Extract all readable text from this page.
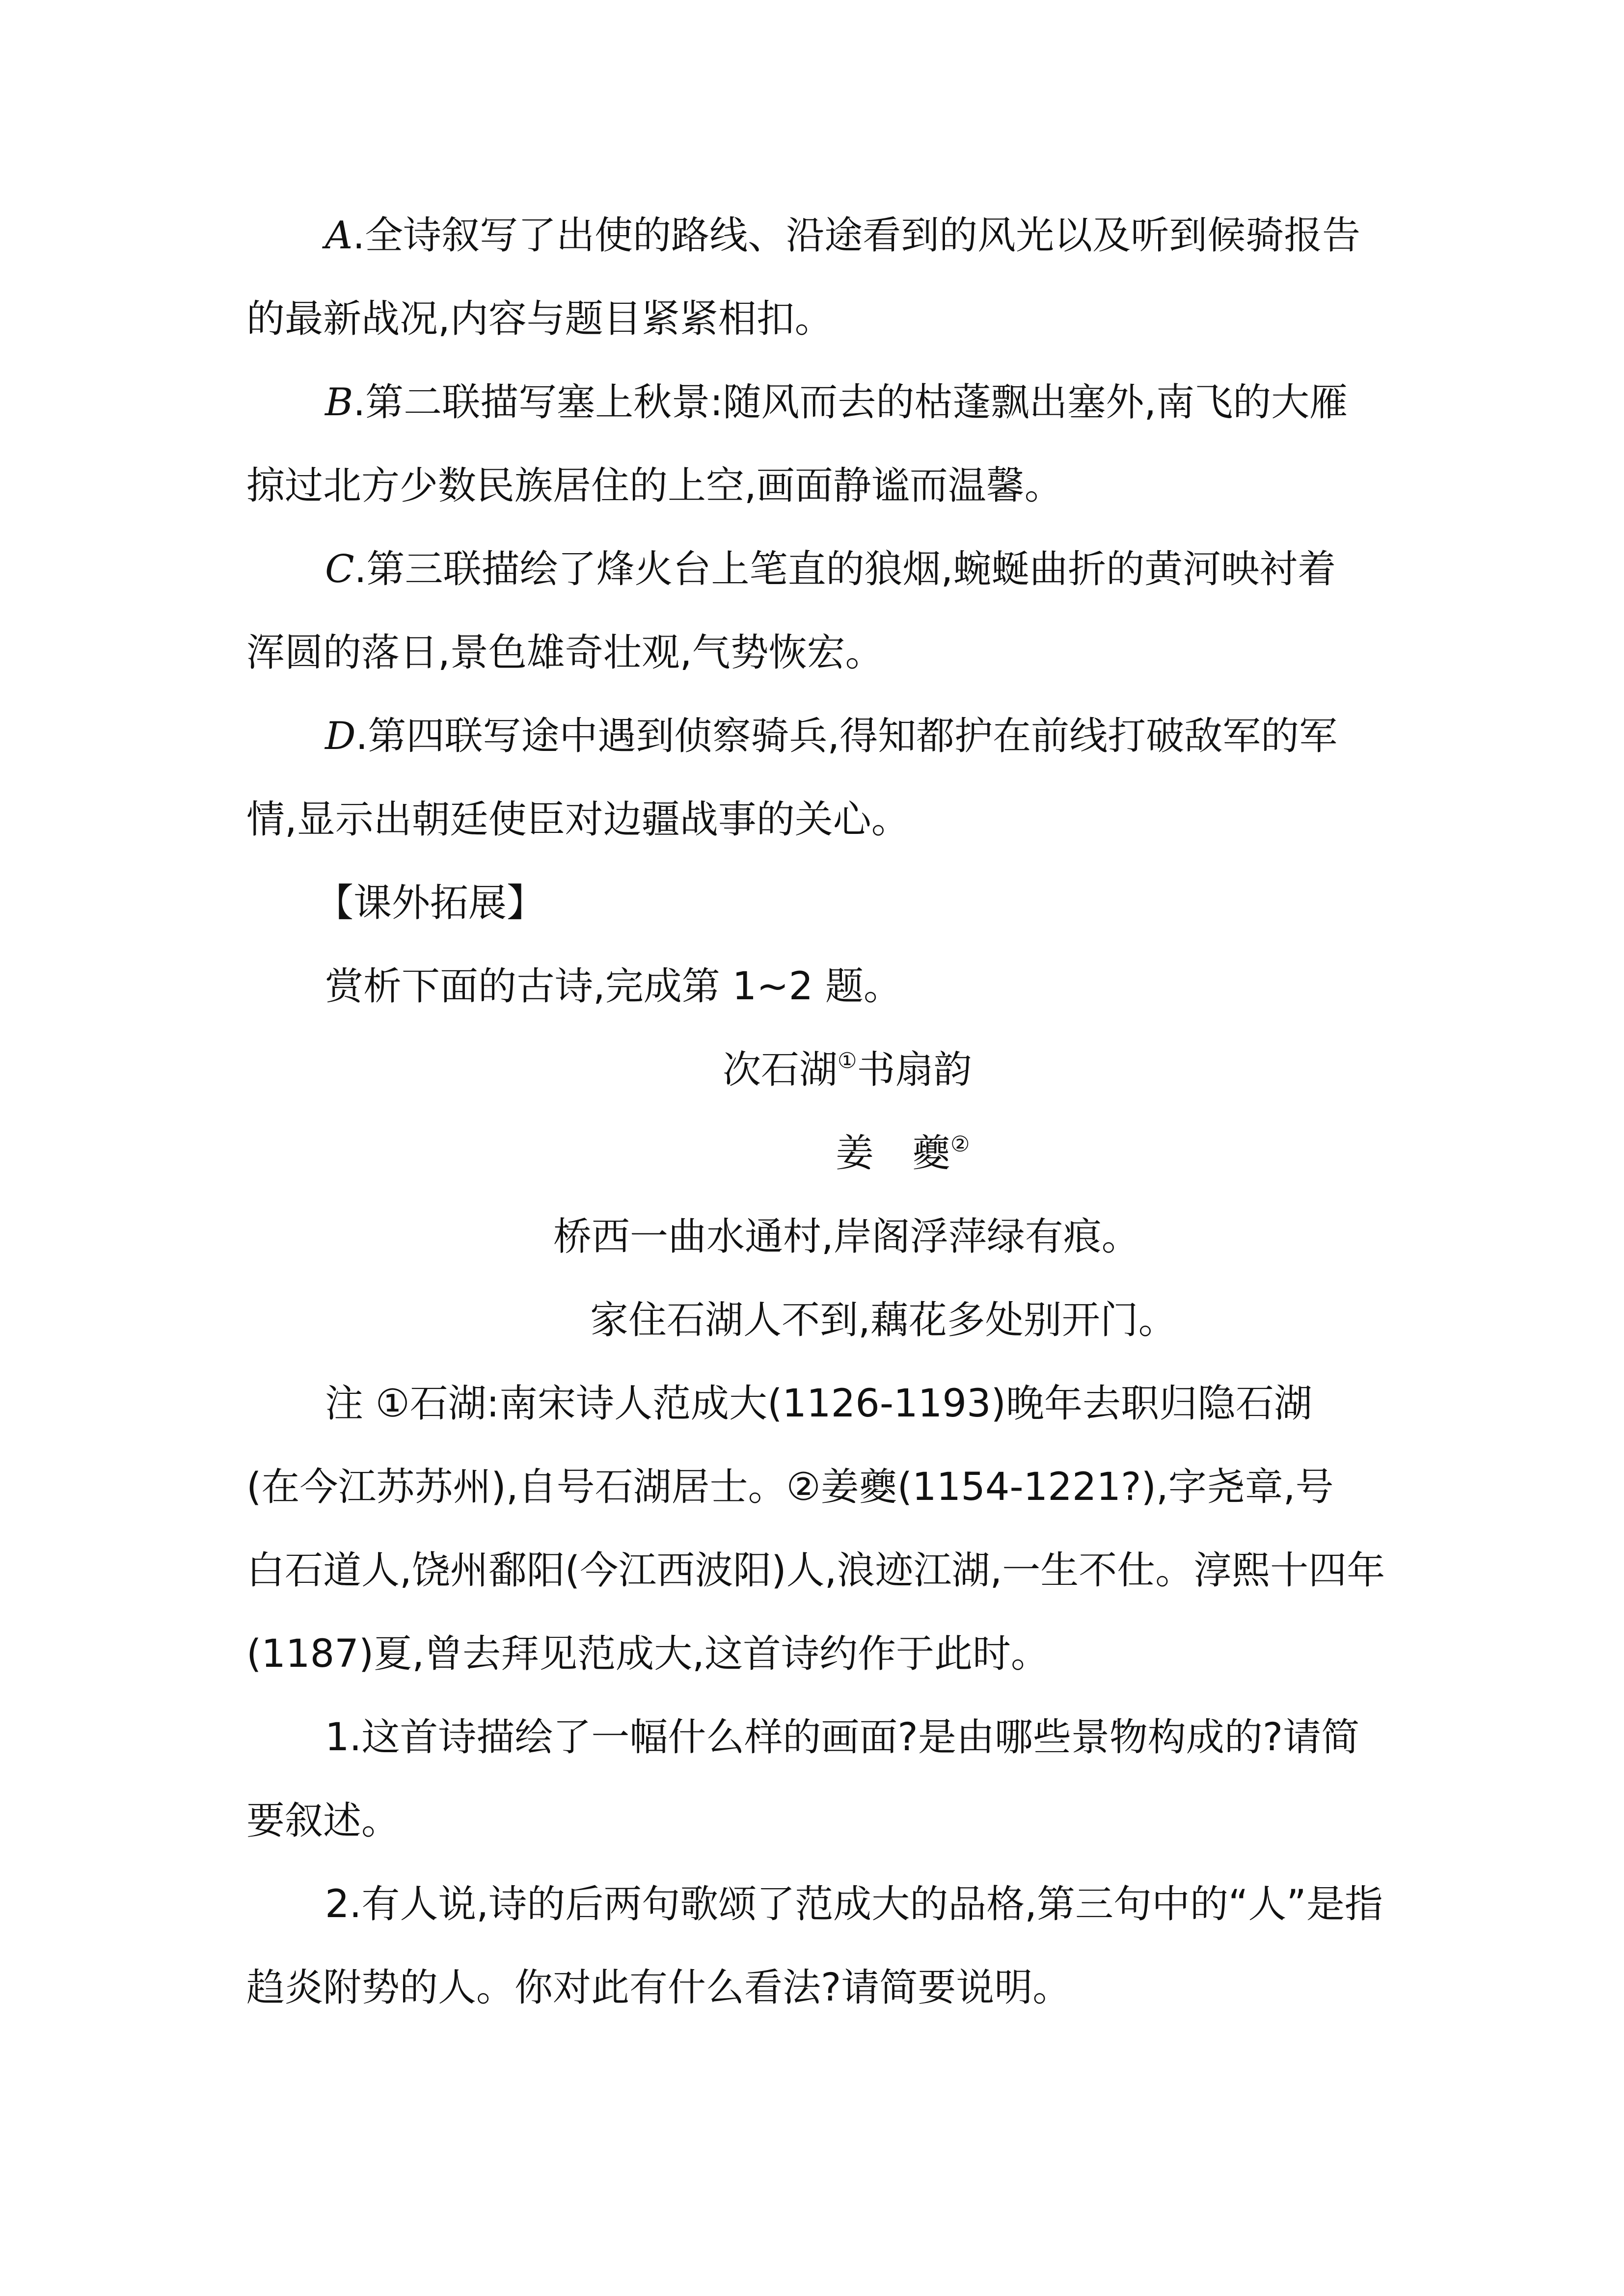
A.全诗叙写了出使的路线、沿途看到的风光以及听到候骑报告
的最新战况,内容与题目紧紧相扣。
B.第二联描写塞上秋景:随风而去的枯蓬飘出塞外,南飞的大雁
掠过北方少数民族居住的上空,画面静谧而温馨。
C.第三联描绘了烽火台上笔直的狼烟,蜿蜒曲折的黄河映衬着
浑圆的落日,景色雄奇壮观,气势恢宏。
D.第四联写途中遇到侦察骑兵,得知都护在前线打破敌军的军
情,显示出朝廷使臣对边疆战事的关心。
【课外拓展】
赏析下面的古诗,完成第 1~2 题。
次石湖①书扇韵
姜　夔②
桥西一曲水通村,岸阁浮萍绿有痕。
家住石湖人不到,藕花多处别开门。
注 ①石湖:南宋诗人范成大(1126-1193)晚年去职归隐石湖
(在今江苏苏州),自号石湖居士。②姜夔(1154-1221?),字尧章,号
白石道人,饶州鄱阳(今江西波阳)人,浪迹江湖,一生不仕。淳熙十四年
(1187)夏,曾去拜见范成大,这首诗约作于此时。
1.这首诗描绘了一幅什么样的画面?是由哪些景物构成的?请简
要叙述。
2.有人说,诗的后两句歌颂了范成大的品格,第三句中的“人”是指
趋炎附势的人。你对此有什么看法?请简要说明。
